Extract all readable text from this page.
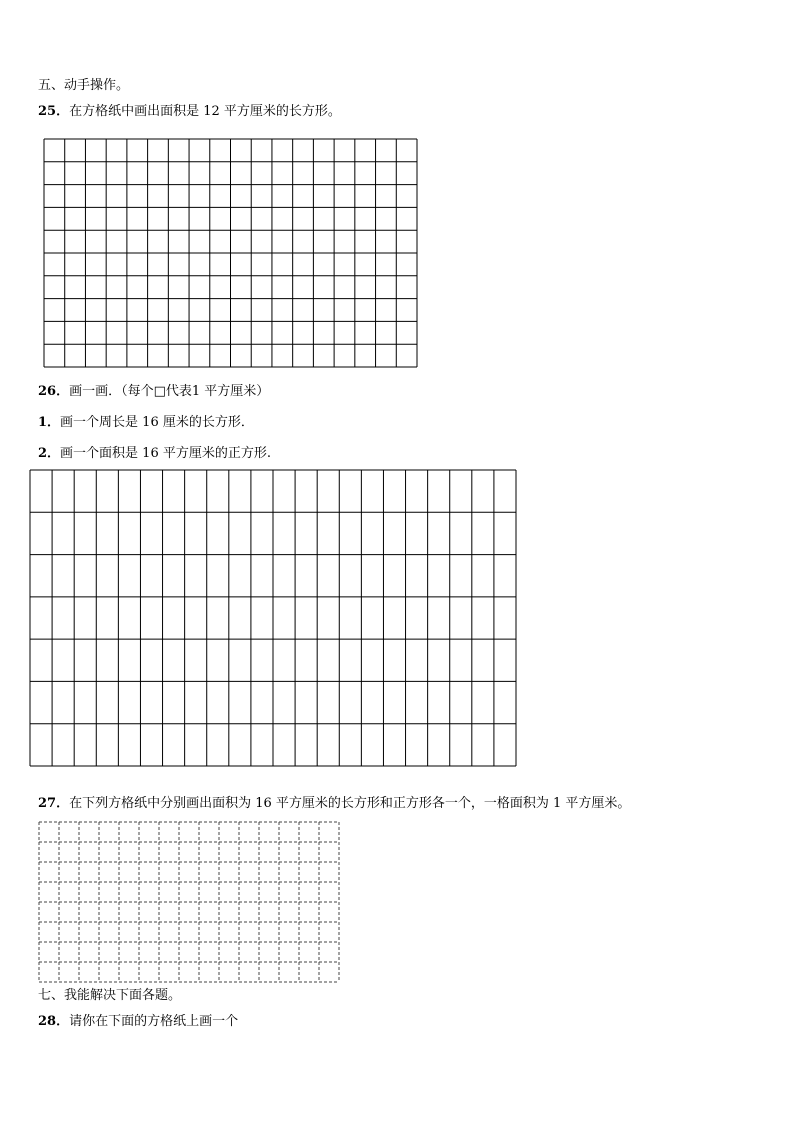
五、动手操作。
25．在方格纸中画出面积是 12 平方厘米的长方形。
26．画一画．（每个□代表1 平方厘米）
1．画一个周长是 16 厘米的长方形．
2．画一个面积是 16 平方厘米的正方形.
27．在下列方格纸中分别画出面积为 16 平方厘米的长方形和正方形各一个，一格面积为 1 平方厘米。
七、我能解决下面各题。
28．请你在下面的方格纸上画一个
